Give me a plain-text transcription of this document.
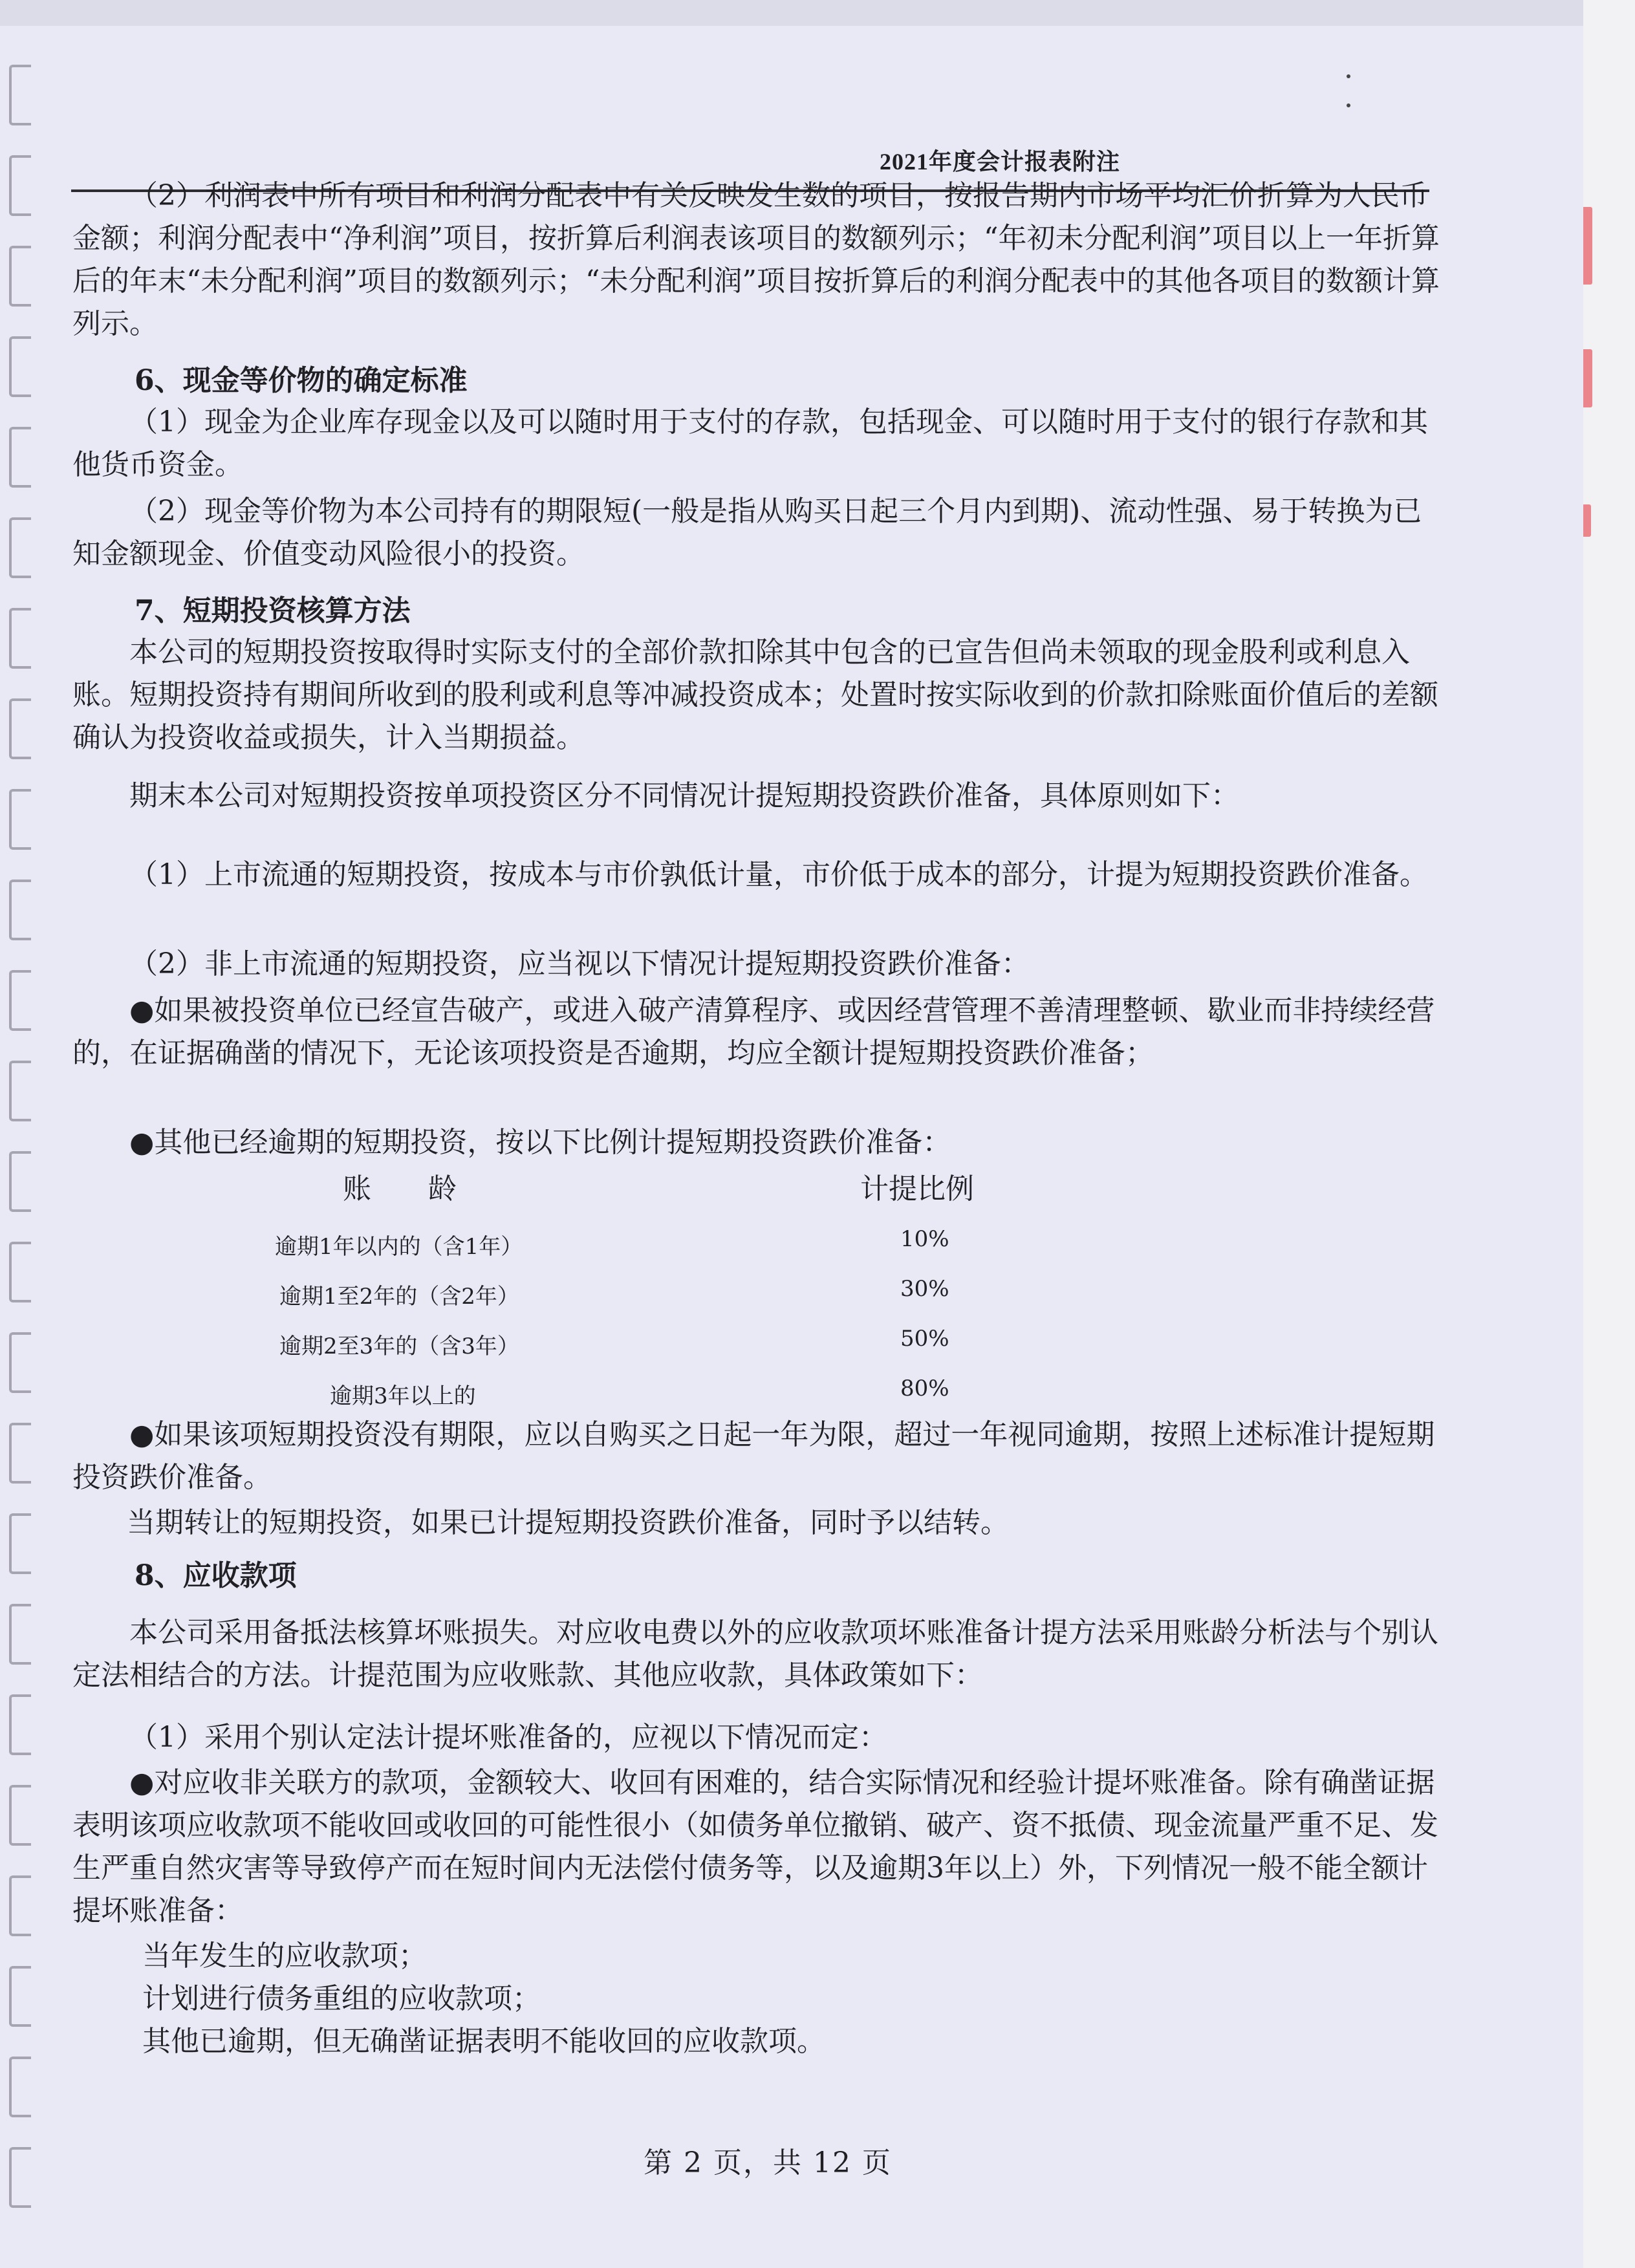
2021年度会计报表附注

（2）利润表中所有项目和利润分配表中有关反映发生数的项目，按报告期内市场平均汇价折算为人民币金额；利润分配表中“净利润”项目，按折算后利润表该项目的数额列示；“年初未分配利润”项目以上一年折算后的年末“未分配利润”项目的数额列示；“未分配利润”项目按折算后的利润分配表中的其他各项目的数额计算列示。

6、现金等价物的确定标准

（1）现金为企业库存现金以及可以随时用于支付的存款，包括现金、可以随时用于支付的银行存款和其他货币资金。

（2）现金等价物为本公司持有的期限短(一般是指从购买日起三个月内到期)、流动性强、易于转换为已知金额现金、价值变动风险很小的投资。

7、短期投资核算方法

本公司的短期投资按取得时实际支付的全部价款扣除其中包含的已宣告但尚未领取的现金股利或利息入账。短期投资持有期间所收到的股利或利息等冲减投资成本；处置时按实际收到的价款扣除账面价值后的差额确认为投资收益或损失，计入当期损益。

期末本公司对短期投资按单项投资区分不同情况计提短期投资跌价准备，具体原则如下：

（1）上市流通的短期投资，按成本与市价孰低计量，市价低于成本的部分，计提为短期投资跌价准备。

（2）非上市流通的短期投资，应当视以下情况计提短期投资跌价准备：

●如果被投资单位已经宣告破产，或进入破产清算程序、或因经营管理不善清理整顿、歇业而非持续经营的，在证据确凿的情况下，无论该项投资是否逾期，均应全额计提短期投资跌价准备；

●其他已经逾期的短期投资，按以下比例计提短期投资跌价准备：

账　　龄	计提比例
逾期1年以内的（含1年）	10%
逾期1至2年的（含2年）	30%
逾期2至3年的（含3年）	50%
逾期3年以上的	80%

●如果该项短期投资没有期限，应以自购买之日起一年为限，超过一年视同逾期，按照上述标准计提短期投资跌价准备。

当期转让的短期投资，如果已计提短期投资跌价准备，同时予以结转。

8、应收款项

本公司采用备抵法核算坏账损失。对应收电费以外的应收款项坏账准备计提方法采用账龄分析法与个别认定法相结合的方法。计提范围为应收账款、其他应收款，具体政策如下：

（1）采用个别认定法计提坏账准备的，应视以下情况而定：

●对应收非关联方的款项，金额较大、收回有困难的，结合实际情况和经验计提坏账准备。除有确凿证据表明该项应收款项不能收回或收回的可能性很小（如债务单位撤销、破产、资不抵债、现金流量严重不足、发生严重自然灾害等导致停产而在短时间内无法偿付债务等，以及逾期3年以上）外，下列情况一般不能全额计提坏账准备：

当年发生的应收款项；

计划进行债务重组的应收款项；

其他已逾期，但无确凿证据表明不能收回的应收款项。

第 2 页，共 12 页
